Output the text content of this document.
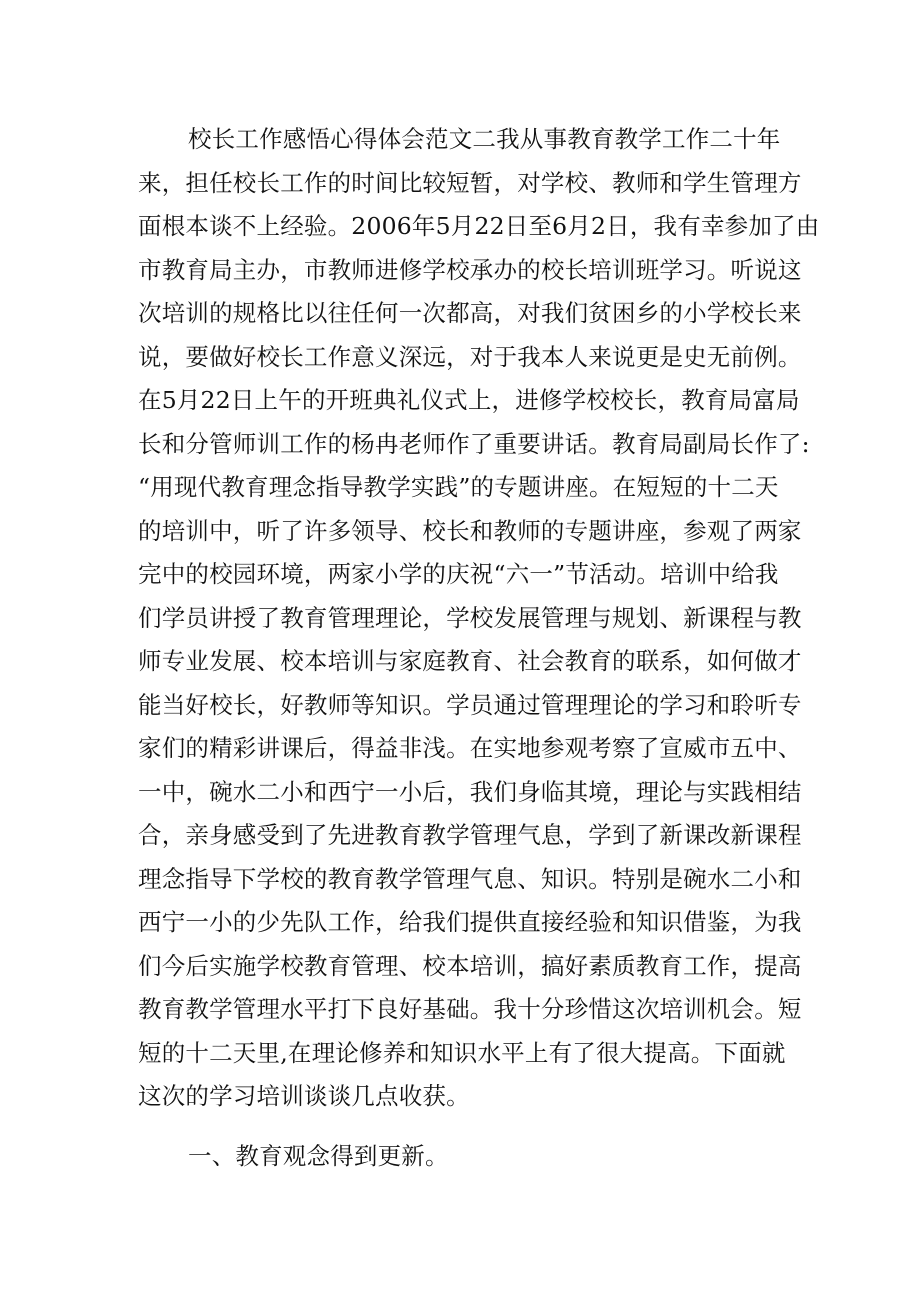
校长工作感悟心得体会范文二我从事教育教学工作二十年
来，担任校长工作的时间比较短暂，对学校、教师和学生管理方
面根本谈不上经验。2006年5月22日至6月2日，我有幸参加了由
市教育局主办，市教师进修学校承办的校长培训班学习。听说这
次培训的规格比以往任何一次都高，对我们贫困乡的小学校长来
说，要做好校长工作意义深远，对于我本人来说更是史无前例。
在5月22日上午的开班典礼仪式上，进修学校校长，教育局富局
长和分管师训工作的杨冉老师作了重要讲话。教育局副局长作了:
“用现代教育理念指导教学实践”的专题讲座。在短短的十二天
的培训中，听了许多领导、校长和教师的专题讲座，参观了两家
完中的校园环境，两家小学的庆祝“六一”节活动。培训中给我
们学员讲授了教育管理理论，学校发展管理与规划、新课程与教
师专业发展、校本培训与家庭教育、社会教育的联系，如何做才
能当好校长，好教师等知识。学员通过管理理论的学习和聆听专
家们的精彩讲课后，得益非浅。在实地参观考察了宣威市五中、
一中，碗水二小和西宁一小后，我们身临其境，理论与实践相结
合，亲身感受到了先进教育教学管理气息，学到了新课改新课程
理念指导下学校的教育教学管理气息、知识。特别是碗水二小和
西宁一小的少先队工作，给我们提供直接经验和知识借鉴，为我
们今后实施学校教育管理、校本培训，搞好素质教育工作，提高
教育教学管理水平打下良好基础。我十分珍惜这次培训机会。短
短的十二天里,在理论修养和知识水平上有了很大提高。下面就
这次的学习培训谈谈几点收获。
一、教育观念得到更新。
